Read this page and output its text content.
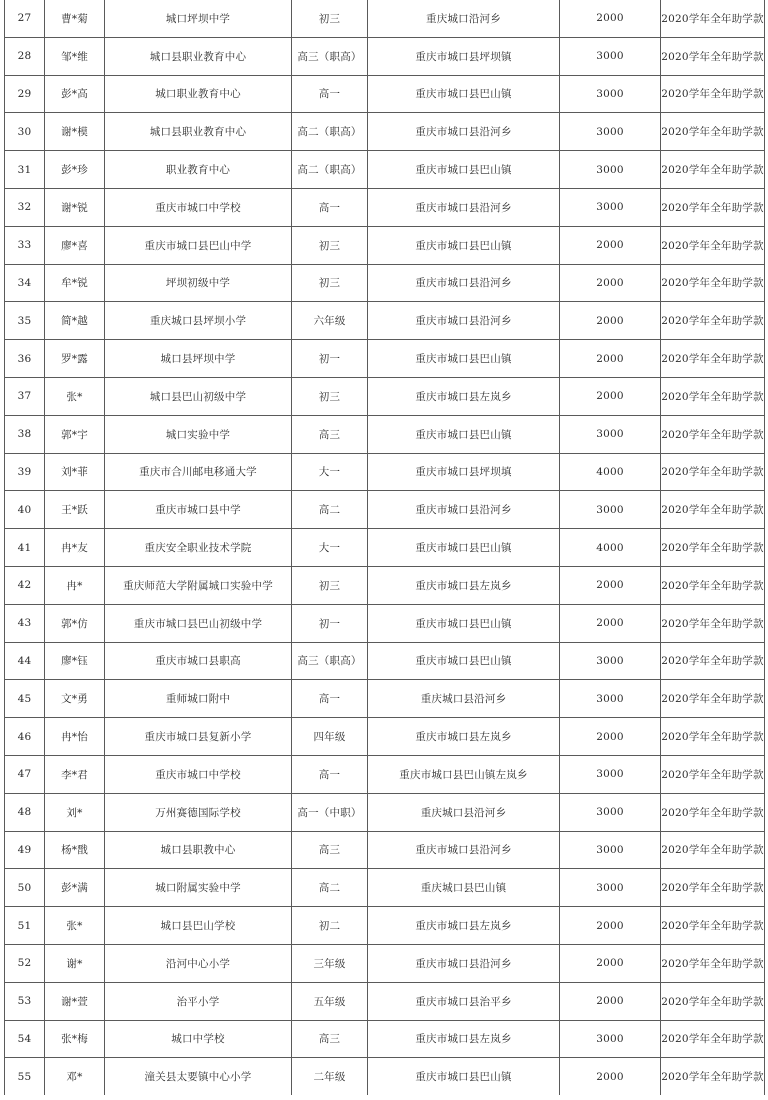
27	曹*菊	城口坪坝中学	初三	重庆城口沿河乡	2000	2020学年全年助学款
28	邹*维	城口县职业教育中心	高三（职高）	重庆市城口县坪坝镇	3000	2020学年全年助学款
29	彭*高	城口职业教育中心	高一	重庆市城口县巴山镇	3000	2020学年全年助学款
30	谢*模	城口县职业教育中心	高二（职高）	重庆市城口县沿河乡	3000	2020学年全年助学款
31	彭*珍	职业教育中心	高二（职高）	重庆市城口县巴山镇	3000	2020学年全年助学款
32	谢*锐	重庆市城口中学校	高一	重庆市城口县沿河乡	3000	2020学年全年助学款
33	廖*喜	重庆市城口县巴山中学	初三	重庆市城口县巴山镇	2000	2020学年全年助学款
34	牟*锐	坪坝初级中学	初三	重庆市城口县沿河乡	2000	2020学年全年助学款
35	简*越	重庆城口县坪坝小学	六年级	重庆市城口县沿河乡	2000	2020学年全年助学款
36	罗*露	城口县坪坝中学	初一	重庆市城口县巴山镇	2000	2020学年全年助学款
37	张*	城口县巴山初级中学	初三	重庆市城口县左岚乡	2000	2020学年全年助学款
38	郭*宇	城口实验中学	高三	重庆市城口县巴山镇	3000	2020学年全年助学款
39	刘*菲	重庆市合川邮电移通大学	大一	重庆市城口县坪坝填	4000	2020学年全年助学款
40	王*跃	重庆市城口县中学	高二	重庆市城口县沿河乡	3000	2020学年全年助学款
41	冉*友	重庆安全职业技术学院	大一	重庆市城口县巴山镇	4000	2020学年全年助学款
42	冉*	重庆师范大学附属城口实验中学	初三	重庆市城口县左岚乡	2000	2020学年全年助学款
43	郭*仿	重庆市城口县巴山初级中学	初一	重庆市城口县巴山镇	2000	2020学年全年助学款
44	廖*钰	重庆市城口县职高	高三（职高）	重庆市城口县巴山镇	3000	2020学年全年助学款
45	文*勇	重师城口附中	高一	重庆城口县沿河乡	3000	2020学年全年助学款
46	冉*怡	重庆市城口县复新小学	四年级	重庆市城口县左岚乡	2000	2020学年全年助学款
47	李*君	重庆市城口中学校	高一	重庆市城口县巴山镇左岚乡	3000	2020学年全年助学款
48	刘*	万州赛德国际学校	高一（中职）	重庆城口县沿河乡	3000	2020学年全年助学款
49	杨*戬	城口县职教中心	高三	重庆市城口县沿河乡	3000	2020学年全年助学款
50	彭*满	城口附属实验中学	高二	重庆城口县巴山镇	3000	2020学年全年助学款
51	张*	城口县巴山学校	初二	重庆市城口县左岚乡	2000	2020学年全年助学款
52	谢*	沿河中心小学	三年级	重庆市城口县沿河乡	2000	2020学年全年助学款
53	谢*萱	治平小学	五年级	重庆市城口县治平乡	2000	2020学年全年助学款
54	张*梅	城口中学校	高三	重庆市城口县左岚乡	3000	2020学年全年助学款
55	邓*	潼关县太要镇中心小学	二年级	重庆市城口县巴山镇	2000	2020学年全年助学款
